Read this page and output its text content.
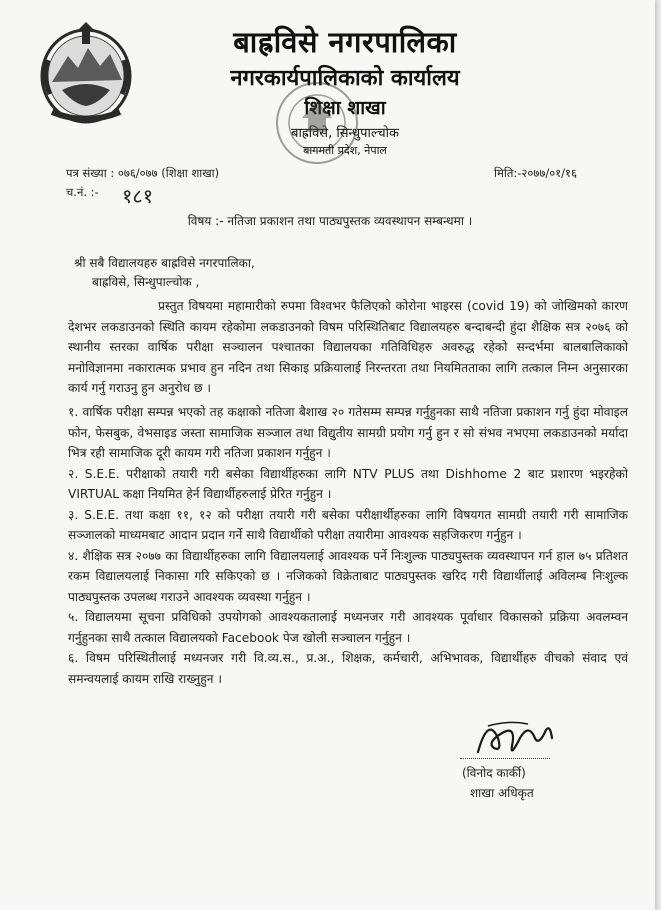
बाह्रविसे नगरपालिका
नगरकार्यपालिकाको कार्यालय
शिक्षा शाखा
बाह्रविसे, सिन्धुपाल्चोक
बागमती प्रदेश, नेपाल
पत्र संख्या : ०७६/०७७ (शिक्षा शाखा)
च.नं. :- १८१
मिति:-२०७७/०१/१६
विषय :- नतिजा प्रकाशन तथा पाठ्यपुस्तक व्यवस्थापन सम्बन्धमा ।
श्री सबै विद्यालयहरु बाह्रविसे नगरपालिका,
बाह्रविसे, सिन्धुपाल्चोक ,
प्रस्तुत विषयमा महामारीको रुपमा विश्वभर फैलिएको कोरोना भाइरस (covid 19) को जोखिमको कारण देशभर लकडाउनको स्थिति कायम रहेकोमा लकडाउनको विषम परिस्थितिबाट विद्यालयहरु बन्दाबन्दी हुंदा शैक्षिक सत्र २०७६ को स्थानीय स्तरका वार्षिक परीक्षा सञ्चालन पश्चातका विद्यालयका गतिविधिहरु अवरुद्ध रहेको सन्दर्भमा बालबालिकाको मनोविज्ञानमा नकारात्मक प्रभाव हुन नदिन तथा सिकाइ प्रक्रियालाई निरन्तरता तथा नियमितताका लागि तत्काल निम्न अनुसारका कार्य गर्नु गराउनु हुन अनुरोध छ ।

१. वार्षिक परीक्षा सम्पन्न भएको तह कक्षाको नतिजा बैशाख २० गतेसम्म सम्पन्न गर्नुहुनका साथै नतिजा प्रकाशन गर्नु हुंदा मोवाइल फोन, फेसबुक, वेभसाइड जस्ता सामाजिक सञ्जाल तथा विद्युतीय सामग्री प्रयोग गर्नु हुन र सो संभव नभएमा लकडाउनको मर्यादा भित्र रही सामाजिक दूरी कायम गरी नतिजा प्रकाशन गर्नुहुन ।

२. S.E.E. परीक्षाको तयारी गरी बसेका विद्यार्थीहरुका लागि NTV PLUS तथा Dishhome 2 बाट प्रशारण भइरहेको VIRTUAL कक्षा नियमित हेर्न विद्यार्थीहरुलाई प्रेरित गर्नुहुन ।

३. S.E.E. तथा कक्षा ११, १२ को परीक्षा तयारी गरी बसेका परीक्षार्थीहरुका लागि विषयगत सामग्री तयारी गरी सामाजिक सञ्जालको माध्यमबाट आदान प्रदान गर्ने साथै विद्यार्थीको परीक्षा तयारीमा आवश्यक सहजिकरण गर्नुहुन ।

४. शैक्षिक सत्र २०७७ का विद्यार्थीहरुका लागि विद्यालयलाई आवश्यक पर्ने निःशुल्क पाठ्यपुस्तक व्यवस्थापन गर्न हाल ७५ प्रतिशत रकम विद्यालयलाई निकासा गरि सकिएको छ । नजिकको विक्रेताबाट पाठ्यपुस्तक खरिद गरी विद्यार्थीलाई अविलम्ब निःशुल्क पाठ्यपुस्तक उपलब्ध गराउने आवश्यक व्यवस्था गर्नुहुन ।

५. विद्यालयमा सूचना प्रविधिको उपयोगको आवश्यकतालाई मध्यनजर गरी आवश्यक पूर्वाधार विकासको प्रक्रिया अवलम्वन गर्नुहुनका साथै तत्काल विद्यालयको Facebook पेज खोली सञ्चालन गर्नुहुन ।

६. विषम परिस्थितीलाई मध्यनजर गरी वि.व्य.स., प्र.अ., शिक्षक, कर्मचारी, अभिभावक, विद्यार्थीहरु वीचको संवाद एवं समन्वयलाई कायम राखि राख्नुहुन ।

(विनोद कार्की)
शाखा अधिकृत
